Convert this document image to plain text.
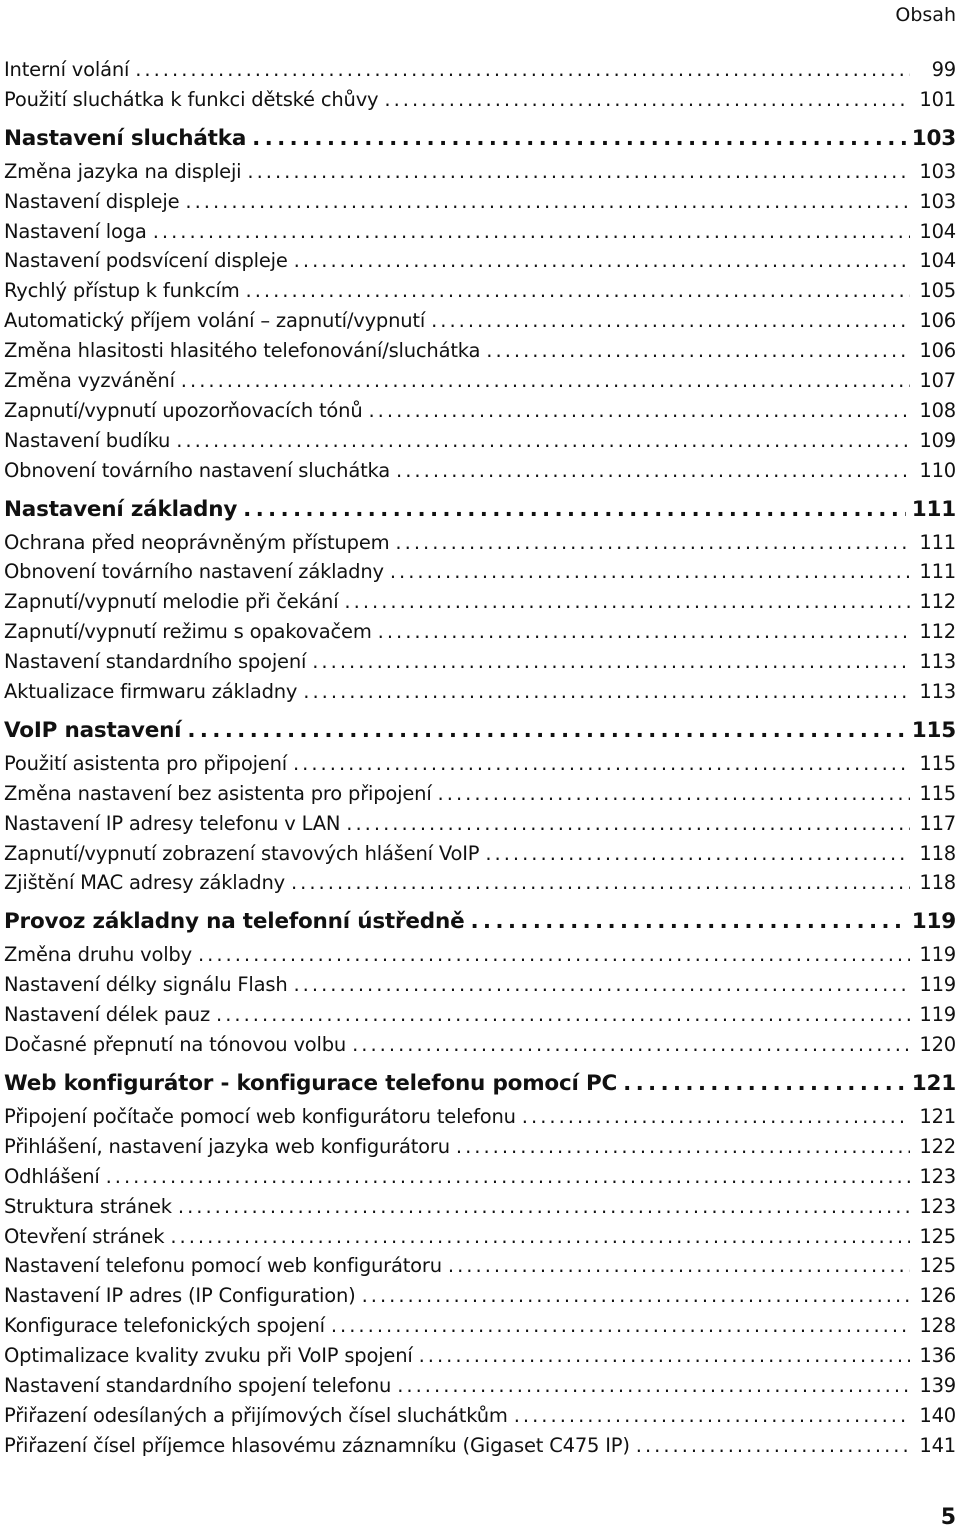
Obsah
Interní volání . . .	99
Použití sluchátka k funkci dětské chůvy . . .	101
Nastavení sluchátka . . .	103
Změna jazyka na displeji . . .	103
Nastavení displeje . . .	103
Nastavení loga . . .	104
Nastavení podsvícení displeje . . .	104
Rychlý přístup k funkcím . . .	105
Automatický příjem volání – zapnutí/vypnutí . . .	106
Změna hlasitosti hlasitého telefonování/sluchátka . . .	106
Změna vyzvánění . . .	107
Zapnutí/vypnutí upozorňovacích tónů . . .	108
Nastavení budíku . . .	109
Obnovení továrního nastavení sluchátka . . .	110
Nastavení základny . . .	111
Ochrana před neoprávněným přístupem . . .	111
Obnovení továrního nastavení základny . . .	111
Zapnutí/vypnutí melodie při čekání . . .	112
Zapnutí/vypnutí režimu s opakovačem . . .	112
Nastavení standardního spojení . . .	113
Aktualizace firmwaru základny . . .	113
VoIP nastavení . . .	115
Použití asistenta pro připojení . . .	115
Změna nastavení bez asistenta pro připojení . . .	115
Nastavení IP adresy telefonu v LAN . . .	117
Zapnutí/vypnutí zobrazení stavových hlášení VoIP . . .	118
Zjištění MAC adresy základny . . .	118
Provoz základny na telefonní ústředně . . .	119
Změna druhu volby . . .	119
Nastavení délky signálu Flash . . .	119
Nastavení délek pauz . . .	119
Dočasné přepnutí na tónovou volbu . . .	120
Web konfigurátor - konfigurace telefonu pomocí PC . . .	121
Připojení počítače pomocí web konfigurátoru telefonu . . .	121
Přihlášení, nastavení jazyka web konfigurátoru . . .	122
Odhlášení . . .	123
Struktura stránek . . .	123
Otevření stránek . . .	125
Nastavení telefonu pomocí web konfigurátoru . . .	125
Nastavení IP adres (IP Configuration) . . .	126
Konfigurace telefonických spojení . . .	128
Optimalizace kvality zvuku při VoIP spojení . . .	136
Nastavení standardního spojení telefonu . . .	139
Přiřazení odesílaných a přijímových čísel sluchátkům . . .	140
Přiřazení čísel příjemce hlasovému záznamníku (Gigaset C475 IP) . . .	141
5
